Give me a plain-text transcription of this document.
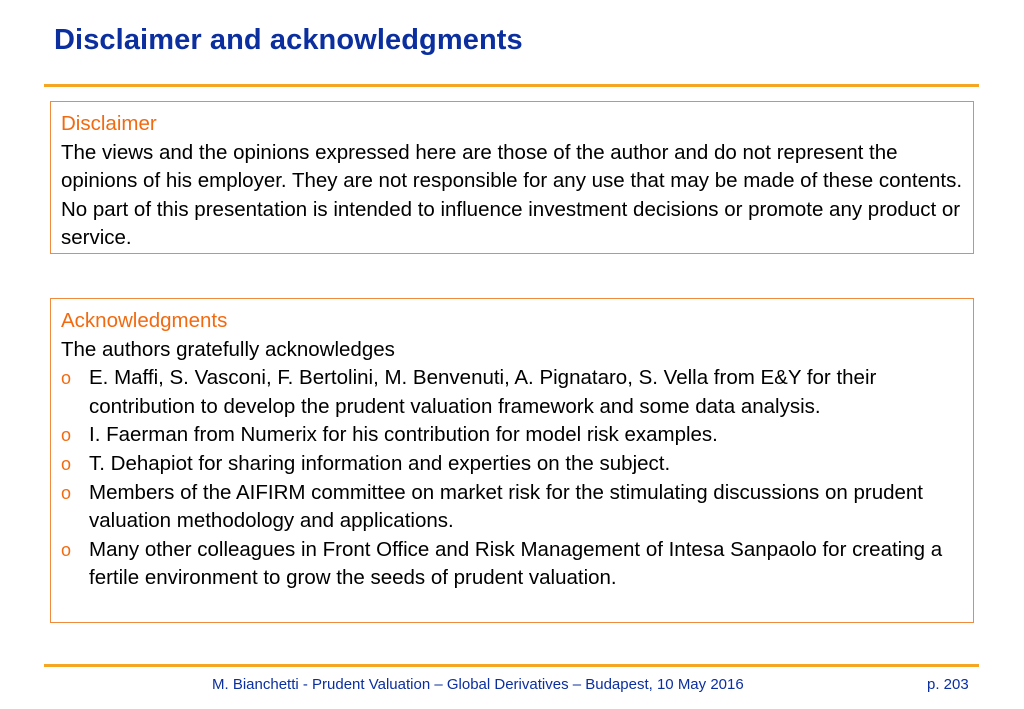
Disclaimer and acknowledgments
Disclaimer
The views and the opinions expressed here are those of the author and do not represent the opinions of his employer. They are not responsible for any use that may be made of these contents. No part of this presentation is intended to influence investment decisions or promote any product or service.
Acknowledgments
The authors gratefully acknowledges
o E. Maffi, S. Vasconi, F. Bertolini, M. Benvenuti, A. Pignataro, S. Vella from E&Y for their contribution to develop the prudent valuation framework and some data analysis.
o I. Faerman from Numerix for his contribution for model risk examples.
o T. Dehapiot for sharing information and experties on the subject.
o Members of the AIFIRM committee on market risk for the stimulating discussions on prudent valuation methodology and applications.
o Many other colleagues in Front Office and Risk Management of Intesa Sanpaolo for creating a fertile environment to grow the seeds of prudent valuation.
M. Bianchetti - Prudent Valuation – Global Derivatives – Budapest, 10 May 2016	p. 203
